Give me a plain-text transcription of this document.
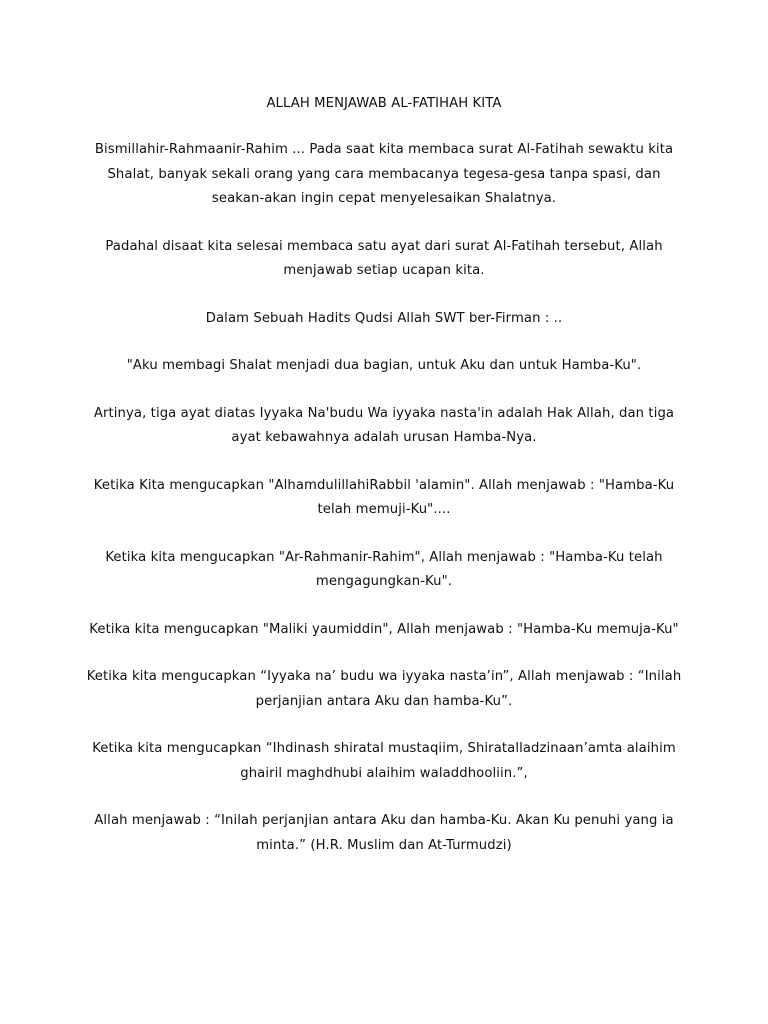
ALLAH MENJAWAB AL-FATIHAH KITA
Bismillahir-Rahmaanir-Rahim ... Pada saat kita membaca surat Al-Fatihah sewaktu kita Shalat, banyak sekali orang yang cara membacanya tegesa-gesa tanpa spasi, dan seakan-akan ingin cepat menyelesaikan Shalatnya.
Padahal disaat kita selesai membaca satu ayat dari surat Al-Fatihah tersebut, Allah menjawab setiap ucapan kita.
Dalam Sebuah Hadits Qudsi Allah SWT ber-Firman : ..
"Aku membagi Shalat menjadi dua bagian, untuk Aku dan untuk Hamba-Ku".
Artinya, tiga ayat diatas Iyyaka Na'budu Wa iyyaka nasta'in adalah Hak Allah, dan tiga ayat kebawahnya adalah urusan Hamba-Nya.
Ketika Kita mengucapkan "AlhamdulillahiRabbil 'alamin". Allah menjawab : "Hamba-Ku telah memuji-Ku"....
Ketika kita mengucapkan "Ar-Rahmanir-Rahim", Allah menjawab : "Hamba-Ku telah mengagungkan-Ku".
Ketika kita mengucapkan "Maliki yaumiddin", Allah menjawab : "Hamba-Ku memuja-Ku"
Ketika kita mengucapkan “Iyyaka na’ budu wa iyyaka nasta’in”, Allah menjawab : “Inilah perjanjian antara Aku dan hamba-Ku”.
Ketika kita mengucapkan “Ihdinash shiratal mustaqiim, Shiratalladzinaan’amta alaihim ghairil maghdhubi alaihim waladdhooliin.”,
Allah menjawab : “Inilah perjanjian antara Aku dan hamba-Ku. Akan Ku penuhi yang ia minta.” (H.R. Muslim dan At-Turmudzi)
